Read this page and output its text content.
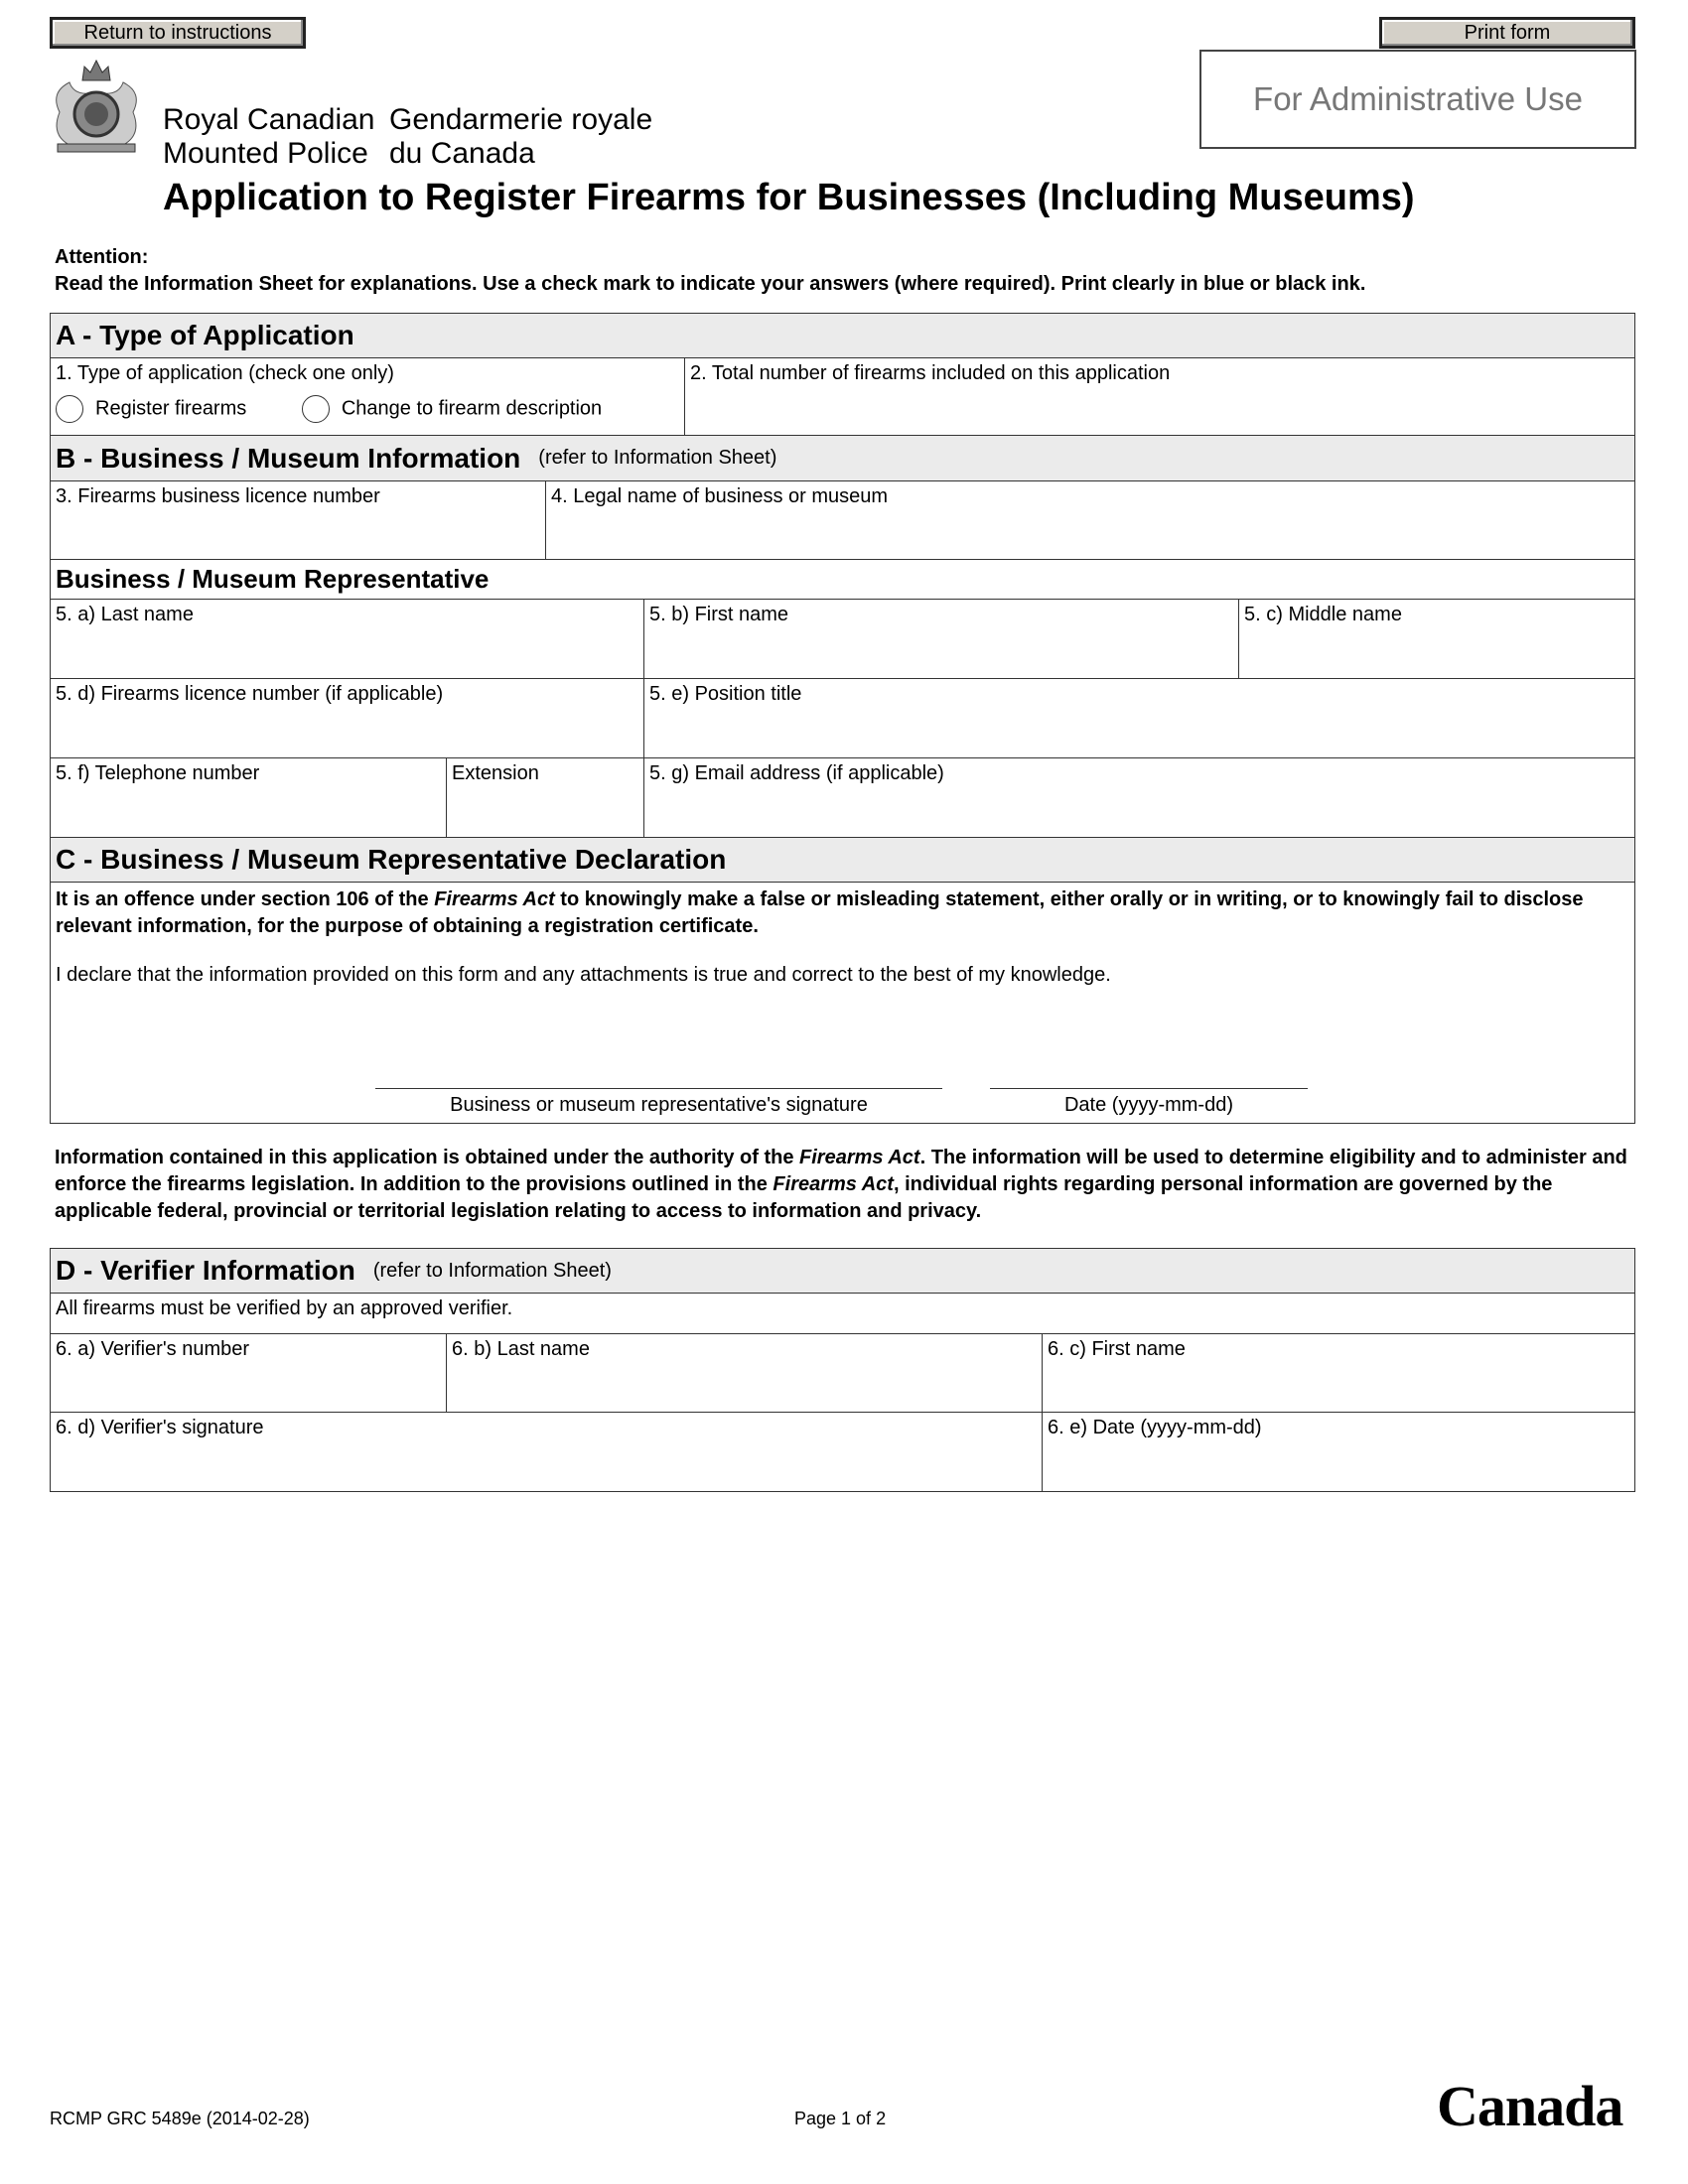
Return to instructions	Print form
For Administrative Use
Royal Canadian
Mounted Police
Gendarmerie royale
du Canada
Application to Register Firearms for Businesses (Including Museums)
Attention:
Read the Information Sheet for explanations. Use a check mark to indicate your answers (where required). Print clearly in blue or black ink.
A - Type of Application
1. Type of application (check one only)
Register firearms	Change to firearm description
2. Total number of firearms included on this application
B - Business / Museum Information (refer to Information Sheet)
3. Firearms business licence number	4. Legal name of business or museum
Business / Museum Representative
5. a) Last name	5. b) First name	5. c) Middle name
5. d) Firearms licence number (if applicable)	5. e) Position title
5. f) Telephone number	Extension	5. g) Email address (if applicable)
C - Business / Museum Representative Declaration
It is an offence under section 106 of the Firearms Act to knowingly make a false or misleading statement, either orally or in writing, or to knowingly fail to disclose relevant information, for the purpose of obtaining a registration certificate.
I declare that the information provided on this form and any attachments is true and correct to the best of my knowledge.
Business or museum representative's signature	Date (yyyy-mm-dd)
Information contained in this application is obtained under the authority of the Firearms Act. The information will be used to determine eligibility and to administer and enforce the firearms legislation. In addition to the provisions outlined in the Firearms Act, individual rights regarding personal information are governed by the applicable federal, provincial or territorial legislation relating to access to information and privacy.
D - Verifier Information (refer to Information Sheet)
All firearms must be verified by an approved verifier.
6. a) Verifier's number	6. b) Last name	6. c) First name
6. d) Verifier's signature	6. e) Date (yyyy-mm-dd)
RCMP GRC 5489e (2014-02-28)	Page 1 of 2	Canada
